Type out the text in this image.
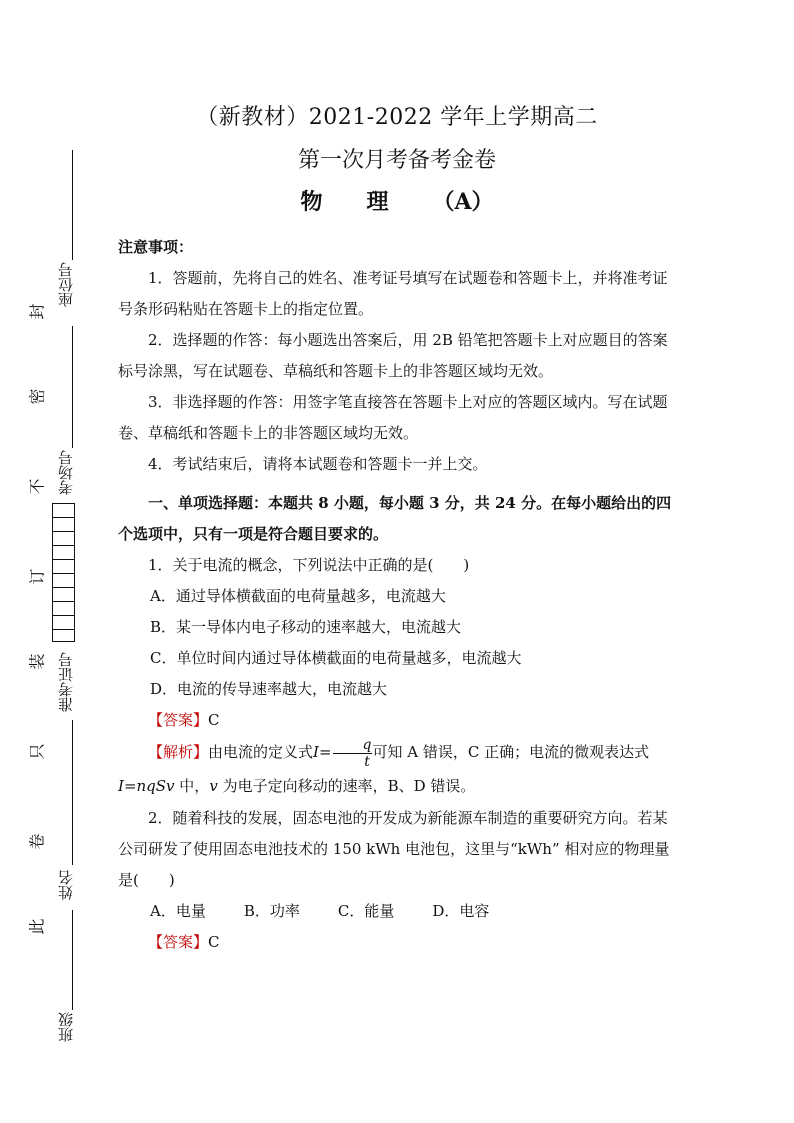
（新教材）2021-2022 学年上学期高二
第一次月考备考金卷
物 理 （A）

注意事项：

1．答题前，先将自己的姓名、准考证号填写在试题卷和答题卡上，并将准考证号条形码粘贴在答题卡上的指定位置。

2．选择题的作答：每小题选出答案后，用 2B 铅笔把答题卡上对应题目的答案标号涂黑，写在试题卷、草稿纸和答题卡上的非答题区域均无效。

3．非选择题的作答：用签字笔直接答在答题卡上对应的答题区域内。写在试题卷、草稿纸和答题卡上的非答题区域均无效。

4．考试结束后，请将本试题卷和答题卡一并上交。

一、单项选择题：本题共 8 小题，每小题 3 分，共 24 分。在每小题给出的四个选项中，只有一项是符合题目要求的。

1．关于电流的概念，下列说法中正确的是(　　)

A．通过导体横截面的电荷量越多，电流越大

B．某一导体内电子移动的速率越大，电流越大

C．单位时间内通过导体横截面的电荷量越多，电流越大

D．电流的传导速率越大，电流越大

【答案】C

【解析】由电流的定义式$I= \frac{q}{t}$ 可知 A 错误，C 正确；电流的微观表达式I=nqSv 中，v 为电子定向移动的速率，B、D 错误。

2．随着科技的发展，固态电池的开发成为新能源车制造的重要研究方向。若某公司研发了使用固态电池技术的 150 kWh 电池包，这里与“kWh” 相对应的物理量是(　　)

A．电量	B．功率	C．能量	D．电容

【答案】C

座位号
考场号
准考证号
姓名
班级
封
密
不
订
装
只
卷
此
